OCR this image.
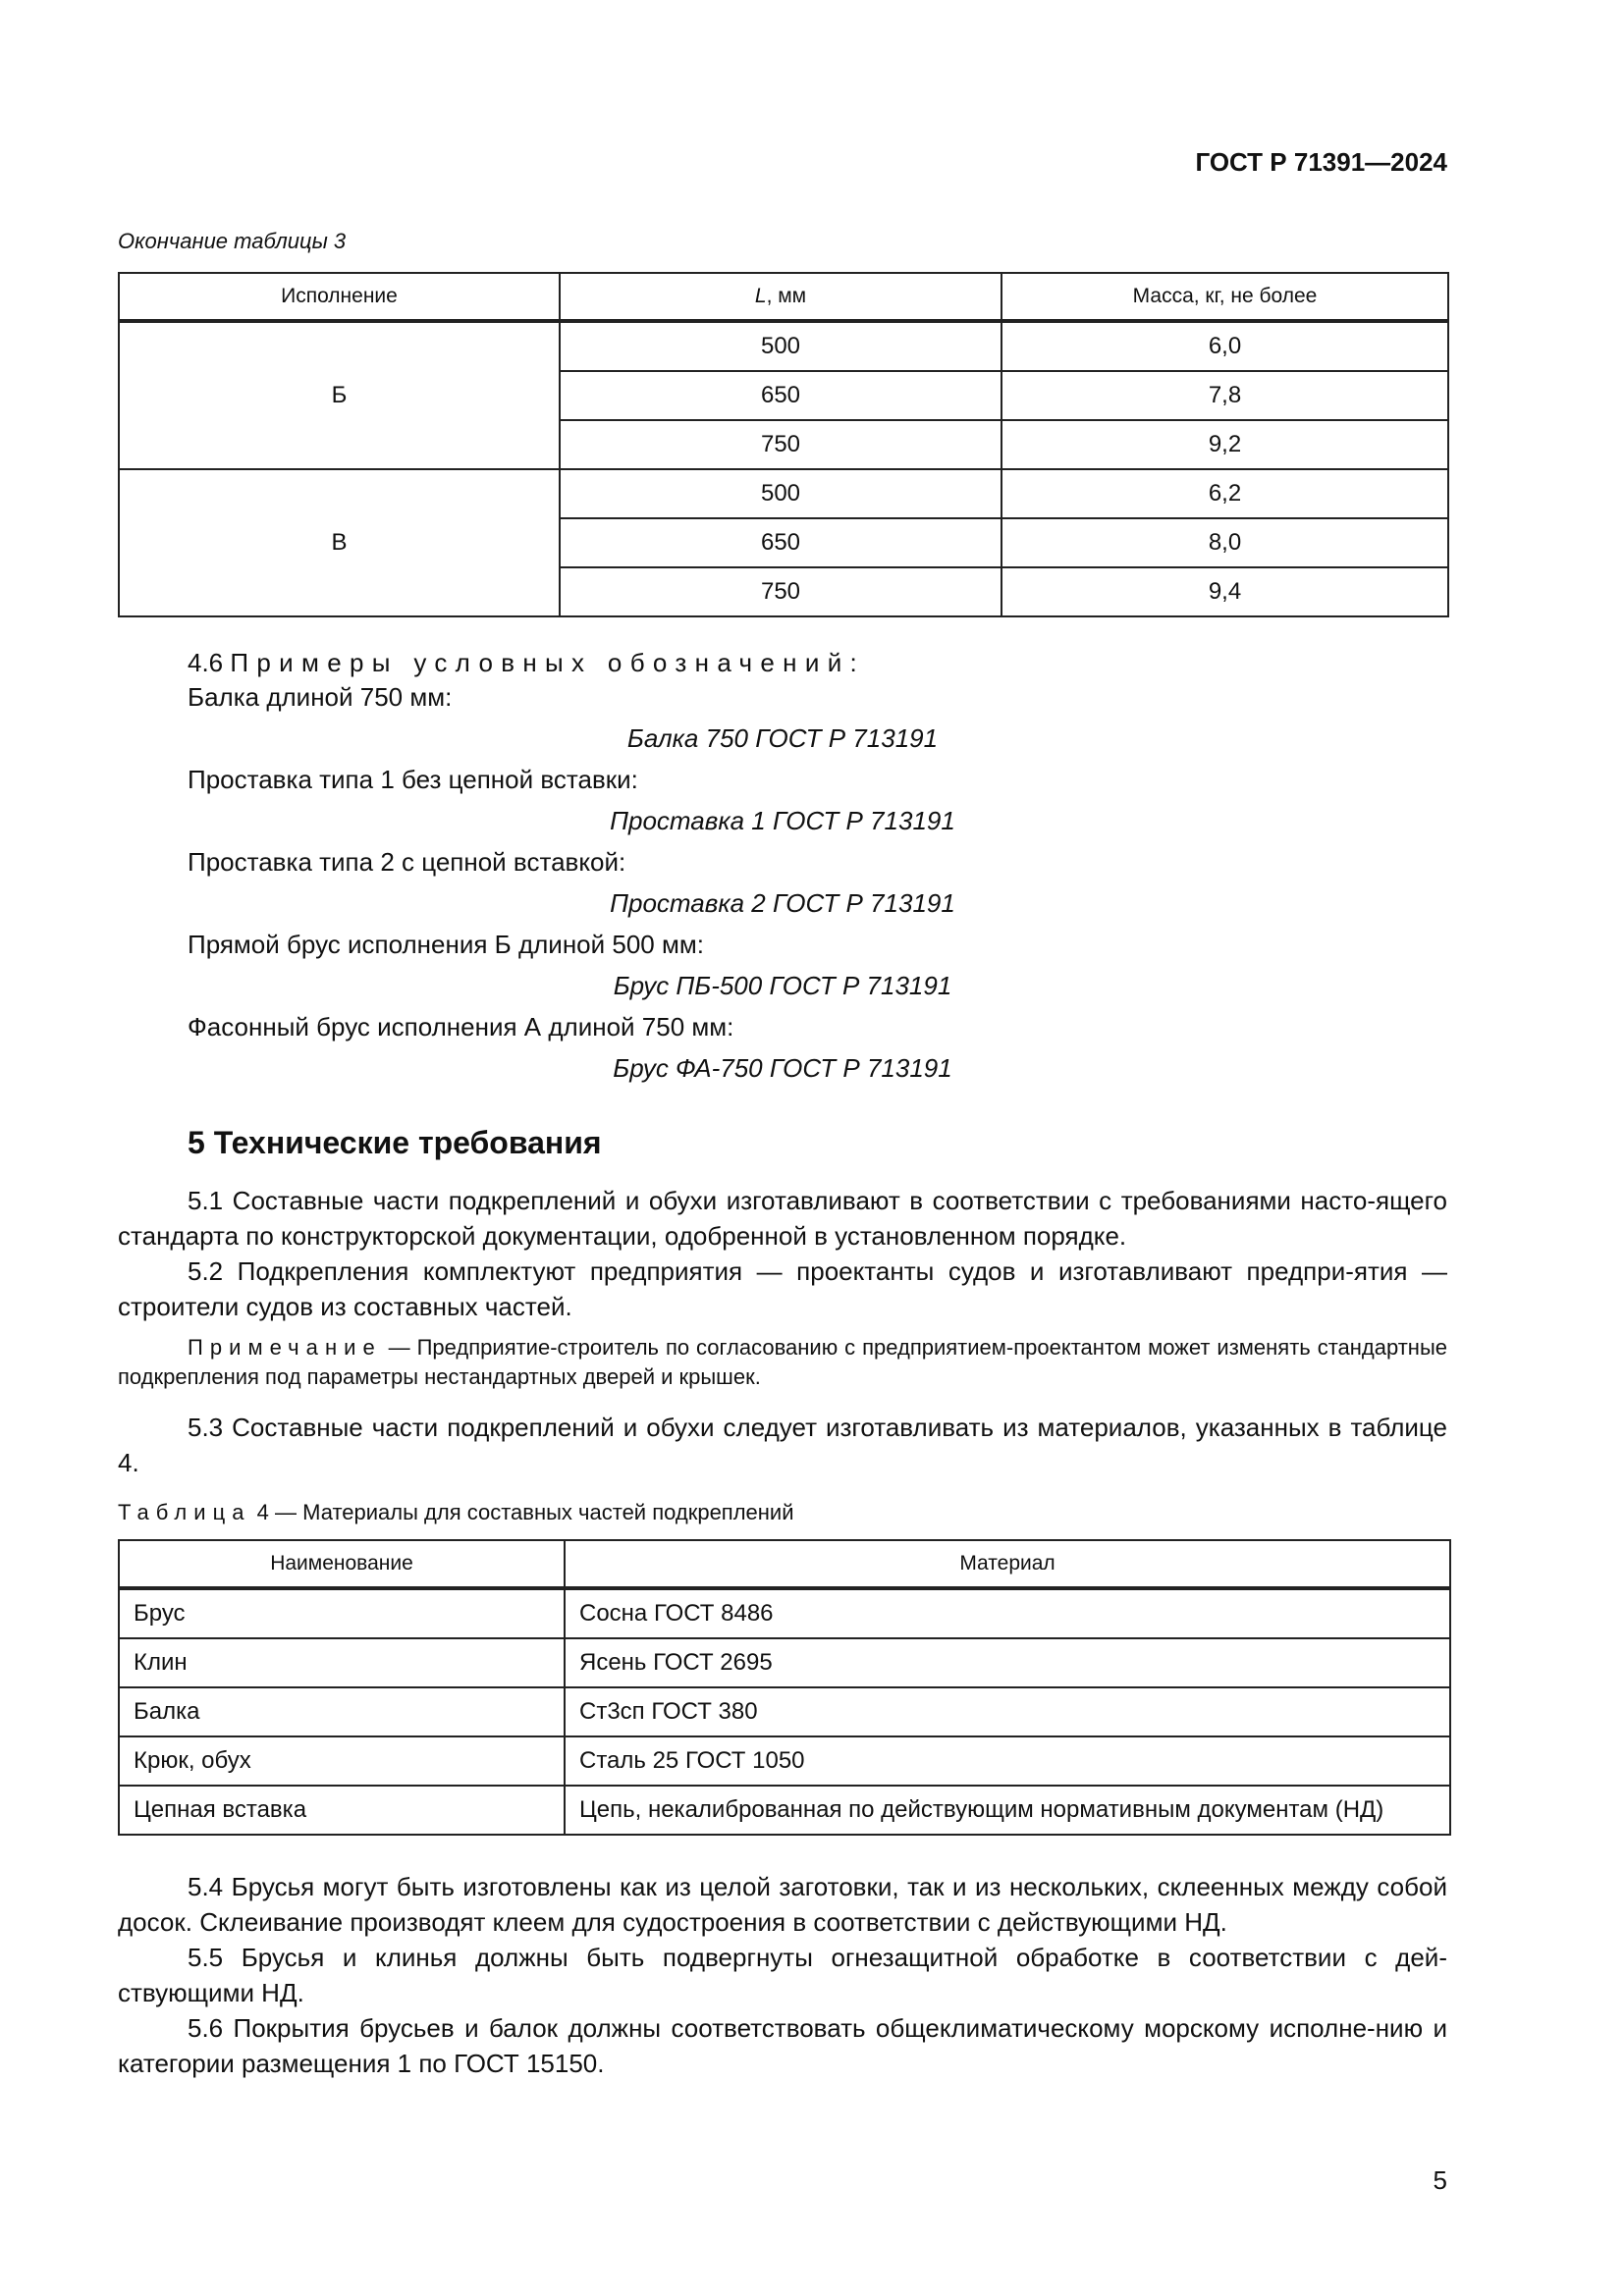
ГОСТ Р 71391—2024
Окончание таблицы 3
Исполнение	L, мм	Масса, кг, не более
Б	500	6,0
	650	7,8
	750	9,2
В	500	6,2
	650	8,0
	750	9,4
4.6 Примеры условных обозначений:
Балка длиной 750 мм:
Балка 750 ГОСТ Р 713191
Проставка типа 1 без цепной вставки:
Проставка 1 ГОСТ Р 713191
Проставка типа 2 с цепной вставкой:
Проставка 2 ГОСТ Р 713191
Прямой брус исполнения Б длиной 500 мм:
Брус ПБ-500 ГОСТ Р 713191
Фасонный брус исполнения А длиной 750 мм:
Брус ФА-750 ГОСТ Р 713191
5 Технические требования
5.1 Составные части подкреплений и обухи изготавливают в соответствии с требованиями насто-ящего стандарта по конструкторской документации, одобренной в установленном порядке.
5.2 Подкрепления комплектуют предприятия — проектанты судов и изготавливают предпри-ятия — строители судов из составных частей.
Примечание — Предприятие-строитель по согласованию с предприятием-проектантом может изменять стандартные подкрепления под параметры нестандартных дверей и крышек.
5.3 Составные части подкреплений и обухи следует изготавливать из материалов, указанных в таблице 4.
Таблица 4 — Материалы для составных частей подкреплений
Наименование	Материал
Брус	Сосна ГОСТ 8486
Клин	Ясень ГОСТ 2695
Балка	Ст3сп ГОСТ 380
Крюк, обух	Сталь 25 ГОСТ 1050
Цепная вставка	Цепь, некалиброванная по действующим нормативным документам (НД)
5.4 Брусья могут быть изготовлены как из целой заготовки, так и из нескольких, склеенных между собой досок. Склеивание производят клеем для судостроения в соответствии с действующими НД.
5.5 Брусья и клинья должны быть подвергнуты огнезащитной обработке в соответствии с дей-ствующими НД.
5.6 Покрытия брусьев и балок должны соответствовать общеклиматическому морскому исполне-нию и категории размещения 1 по ГОСТ 15150.
5
